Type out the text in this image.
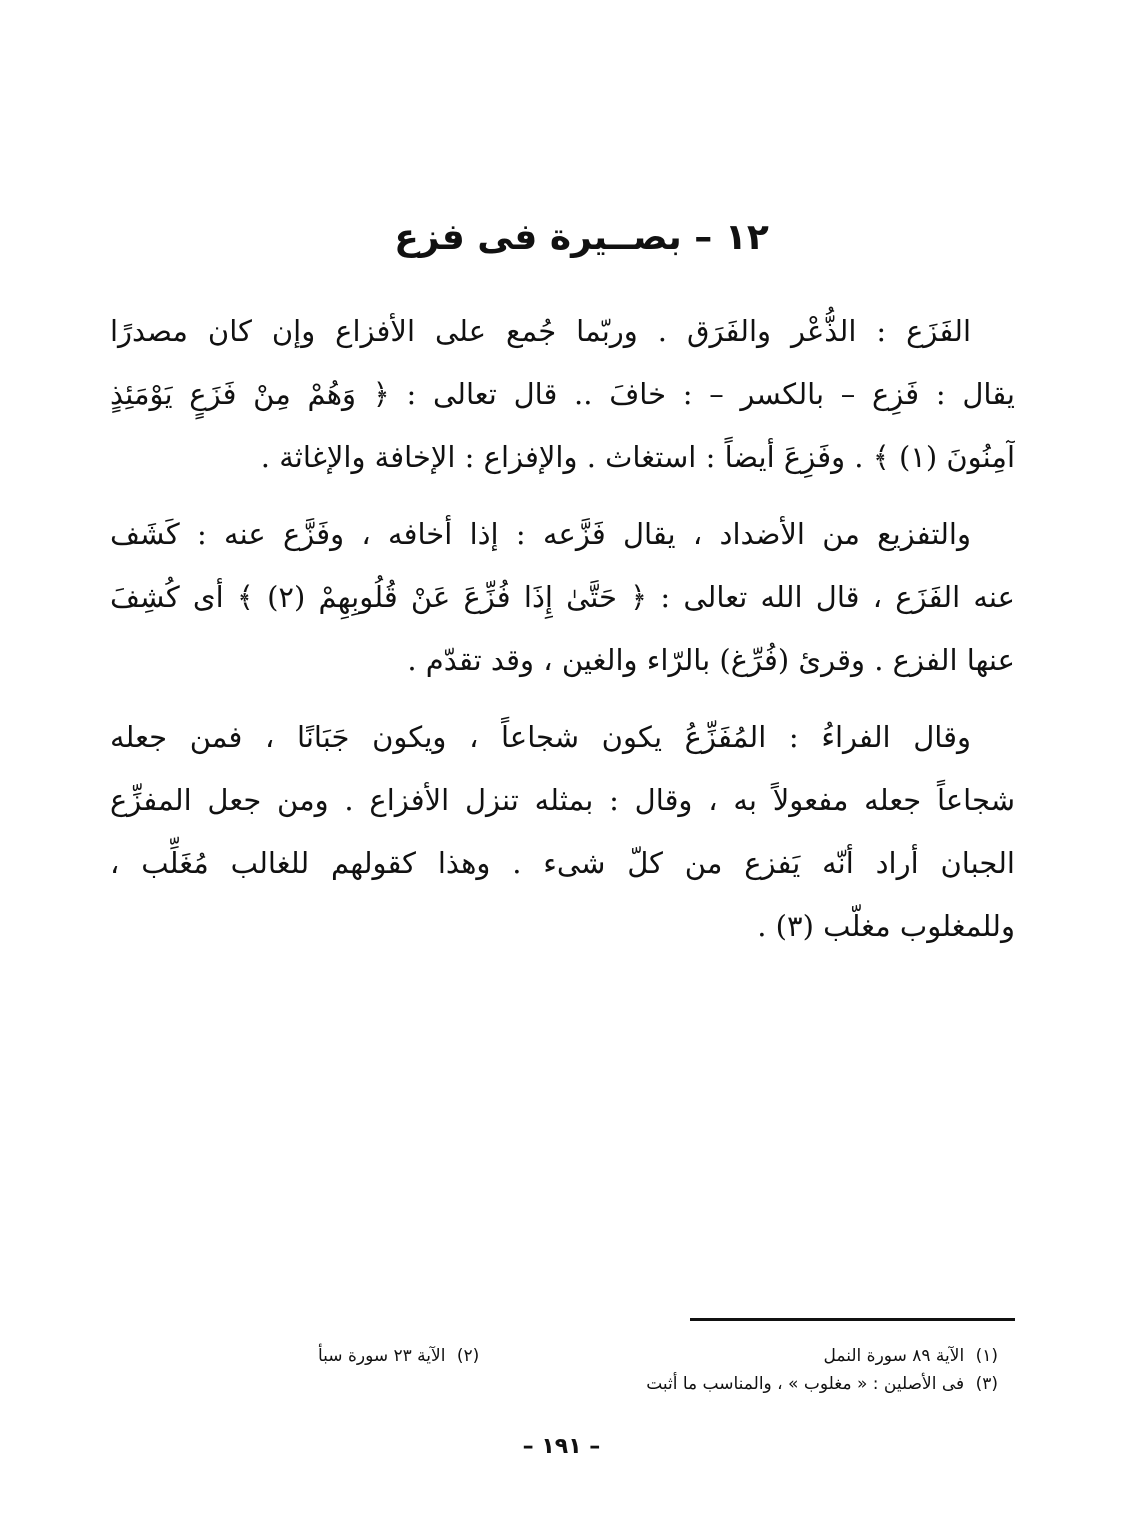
١٢ – بصــيرة فى فزع
الفَزَع : الذُّعْر والفَرَق . وربّما جُمع على الأفزاع وإن كان مصدرًا
يقال : فَزِع – بالكسر – : خافَ .. قال تعالى : ﴿ وَهُمْ مِنْ فَزَعٍ يَوْمَئِذٍ
آمِنُونَ (١) ﴾ . وفَزِعَ أيضاً : استغاث . والإفزاع : الإخافة والإغاثة .
والتفزيع من الأضداد ، يقال فَزَّعه : إذا أخافه ، وفَزَّع عنه : كَشَف
عنه الفَزَع ، قال الله تعالى : ﴿ حَتَّىٰ إِذَا فُزِّعَ عَنْ قُلُوبِهِمْ (٢) ﴾ أى كُشِفَ
عنها الفزع . وقرئ (فُرِّغ) بالرّاء والغين ، وقد تقدّم .
وقال الفراءُ : المُفَزِّعُ يكون شجاعاً ، ويكون جَبَانًا ، فمن جعله
شجاعاً جعله مفعولاً به ، وقال : بمثله تنزل الأفزاع . ومن جعل المفزِّع
الجبان أراد أنّه يَفزع من كلّ شىء . وهذا كقولهم للغالب مُغَلِّب ،
وللمغلوب مغلّب (٣) .
(١) الآية ٨٩ سورة النمل
(٢) الآية ٢٣ سورة سبأ
(٣) فى الأصلين : « مغلوب » ، والمناسب ما أثبت
– ١٩١ –
